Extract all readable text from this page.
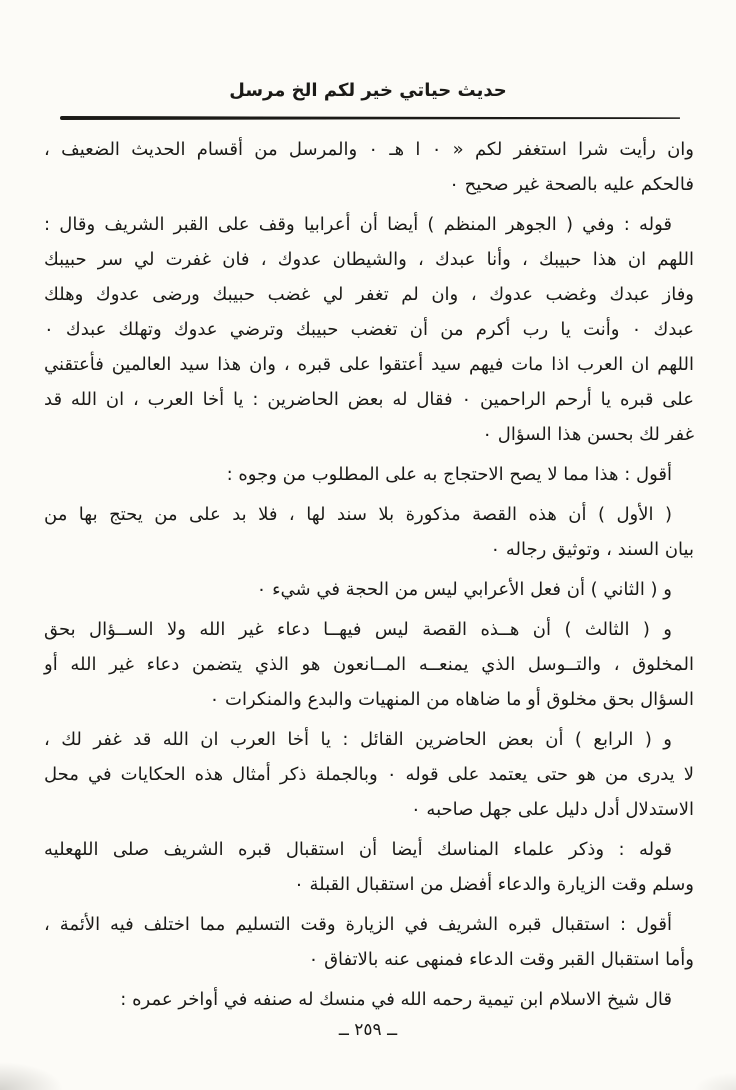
حديث حياتي خير لكم الخ مرسل
وان رأيت شرا استغفر لكم « ٠ ا هـ ٠ والمرسل من أقسام الحديث الضعيف ،
فالحكم عليه بالصحة غير صحيح ٠
قوله : وفي ( الجوهر المنظم ) أيضا أن أعرابيا وقف على القبر الشريف وقال :
اللهم ان هذا حبيبك ، وأنا عبدك ، والشيطان عدوك ، فان غفرت لي سر حبيبك
وفاز عبدك وغضب عدوك ، وان لم تغفر لي غضب حبيبك ورضى عدوك وهلك
عبدك ٠ وأنت يا رب أكرم من أن تغضب حبيبك وترضي عدوك وتهلك عبدك ٠
اللهم ان العرب اذا مات فيهم سيد أعتقوا على قبره ، وان هذا سيد العالمين فأعتقني
على قبره يا أرحم الراحمين ٠ فقال له بعض الحاضرين : يا أخا العرب ، ان الله قد
غفر لك بحسن هذا السؤال ٠
أقول : هذا مما لا يصح الاحتجاج به على المطلوب من وجوه :
( الأول ) أن هذه القصة مذكورة بلا سند لها ، فلا بد على من يحتج بها من
بيان السند ، وتوثيق رجاله ٠
و ( الثاني ) أن فعل الأعرابي ليس من الحجة في شيء ٠
و ( الثالث ) أن هــذه القصة ليس فيهــا دعاء غير الله ولا الســؤال بحق
المخلوق ، والتــوسل الذي يمنعــه المــانعون هو الذي يتضمن دعاء غير الله أو
السؤال بحق مخلوق أو ما ضاهاه من المنهيات والبدع والمنكرات ٠
و ( الرابع ) أن بعض الحاضرين القائل : يا أخا العرب ان الله قد غفر لك ،
لا يدرى من هو حتى يعتمد على قوله ٠ وبالجملة ذكر أمثال هذه الحكايات في محل
الاستدلال أدل دليل على جهل صاحبه ٠
قوله : وذكر علماء المناسك أيضا أن استقبال قبره الشريف صلى اللهعليه
وسلم وقت الزيارة والدعاء أفضل من استقبال القبلة ٠
أقول : استقبال قبره الشريف في الزيارة وقت التسليم مما اختلف فيه الأئمة ،
وأما استقبال القبر وقت الدعاء فمنهى عنه بالاتفاق ٠
قال شيخ الاسلام ابن تيمية رحمه الله في منسك له صنفه في أواخر عمره :
ــ ٢٥٩ ــ
